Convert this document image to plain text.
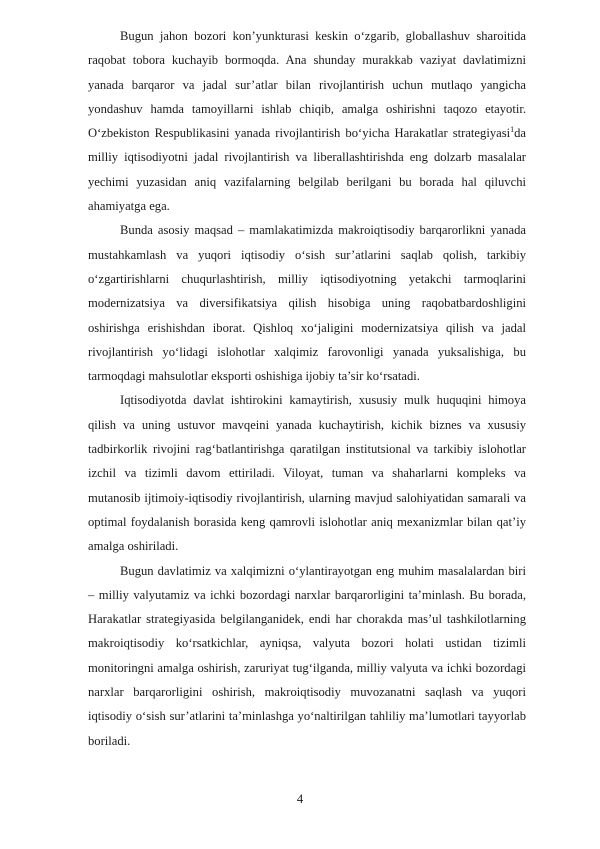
Bugun jahon bozori kon’yunkturasi keskin o‘zgarib, globallashuv sharoitida raqobat tobora kuchayib bormoqda. Ana shunday murakkab vaziyat davlatimizni yanada barqaror va jadal sur’atlar bilan rivojlantirish uchun mutlaqo yangicha yondashuv hamda tamoyillarni ishlab chiqib, amalga oshirishni taqozo etayotir. O‘zbekiston Respublikasini yanada rivojlantirish bo‘yicha Harakatlar strategiyasi$^1$da milliy iqtisodiyotni jadal rivojlantirish va liberallashtirishda eng dolzarb masalalar yechimi yuzasidan aniq vazifalarning belgilab berilgani bu borada hal qiluvchi ahamiyatga ega.

Bunda asosiy maqsad – mamlakatimizda makroiqtisodiy barqarorlikni yanada mustahkamlash va yuqori iqtisodiy o‘sish sur’atlarini saqlab qolish, tarkibiy o‘zgartirishlarni chuqurlashtirish, milliy iqtisodiyotning yetakchi tarmoqlarini modernizatsiya va diversifikatsiya qilish hisobiga uning raqobatbardoshligini oshirishga erishishdan iborat. Qishloq xo‘jaligini modernizatsiya qilish va jadal rivojlantirish yo‘lidagi islohotlar xalqimiz farovonligi yanada yuksalishiga, bu tarmoqdagi mahsulotlar eksporti oshishiga ijobiy ta’sir ko‘rsatadi.

Iqtisodiyotda davlat ishtirokini kamaytirish, xususiy mulk huquqini himoya qilish va uning ustuvor mavqeini yanada kuchaytirish, kichik biznes va xususiy tadbirkorlik rivojini rag‘batlantirishga qaratilgan institutsional va tarkibiy islohotlar izchil va tizimli davom ettiriladi. Viloyat, tuman va shaharlarni kompleks va mutanosib ijtimoiy-iqtisodiy rivojlantirish, ularning mavjud salohiyatidan samarali va optimal foydalanish borasida keng qamrovli islohotlar aniq mexanizmlar bilan qat’iy amalga oshiriladi.

Bugun davlatimiz va xalqimizni o‘ylantirayotgan eng muhim masalalardan biri – milliy valyutamiz va ichki bozordagi narxlar barqarorligini ta’minlash. Bu borada, Harakatlar strategiyasida belgilanganidek, endi har chorakda mas’ul tashkilotlarning makroiqtisodiy ko‘rsatkichlar, ayniqsa, valyuta bozori holati ustidan tizimli monitoringni amalga oshirish, zaruriyat tug‘ilganda, milliy valyuta va ichki bozordagi narxlar barqarorligini oshirish, makroiqtisodiy muvozanatni saqlash va yuqori iqtisodiy o‘sish sur’atlarini ta’minlashga yo‘naltirilgan tahliliy ma’lumotlari tayyorlab boriladi.

4
